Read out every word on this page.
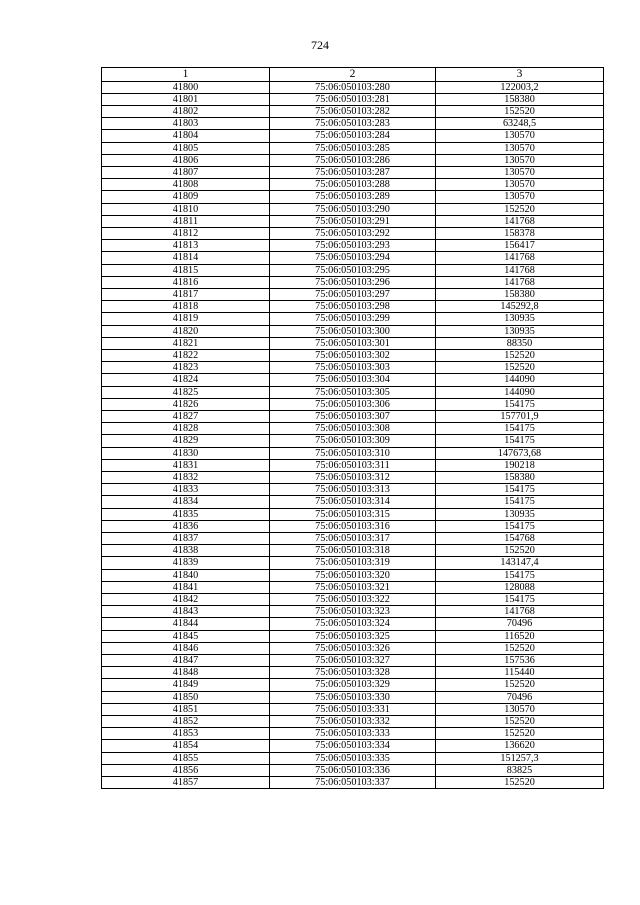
724
1	2	3
41800	75:06:050103:280	122003,2
41801	75:06:050103:281	158380
41802	75:06:050103:282	152520
41803	75:06:050103:283	63248,5
41804	75:06:050103:284	130570
41805	75:06:050103:285	130570
41806	75:06:050103:286	130570
41807	75:06:050103:287	130570
41808	75:06:050103:288	130570
41809	75:06:050103:289	130570
41810	75:06:050103:290	152520
41811	75:06:050103:291	141768
41812	75:06:050103:292	158378
41813	75:06:050103:293	156417
41814	75:06:050103:294	141768
41815	75:06:050103:295	141768
41816	75:06:050103:296	141768
41817	75:06:050103:297	158380
41818	75:06:050103:298	145292,8
41819	75:06:050103:299	130935
41820	75:06:050103:300	130935
41821	75:06:050103:301	88350
41822	75:06:050103:302	152520
41823	75:06:050103:303	152520
41824	75:06:050103:304	144090
41825	75:06:050103:305	144090
41826	75:06:050103:306	154175
41827	75:06:050103:307	157701,9
41828	75:06:050103:308	154175
41829	75:06:050103:309	154175
41830	75:06:050103:310	147673,68
41831	75:06:050103:311	190218
41832	75:06:050103:312	158380
41833	75:06:050103:313	154175
41834	75:06:050103:314	154175
41835	75:06:050103:315	130935
41836	75:06:050103:316	154175
41837	75:06:050103:317	154768
41838	75:06:050103:318	152520
41839	75:06:050103:319	143147,4
41840	75:06:050103:320	154175
41841	75:06:050103:321	128088
41842	75:06:050103:322	154175
41843	75:06:050103:323	141768
41844	75:06:050103:324	70496
41845	75:06:050103:325	116520
41846	75:06:050103:326	152520
41847	75:06:050103:327	157536
41848	75:06:050103:328	115440
41849	75:06:050103:329	152520
41850	75:06:050103:330	70496
41851	75:06:050103:331	130570
41852	75:06:050103:332	152520
41853	75:06:050103:333	152520
41854	75:06:050103:334	136620
41855	75:06:050103:335	151257,3
41856	75:06:050103:336	83825
41857	75:06:050103:337	152520
